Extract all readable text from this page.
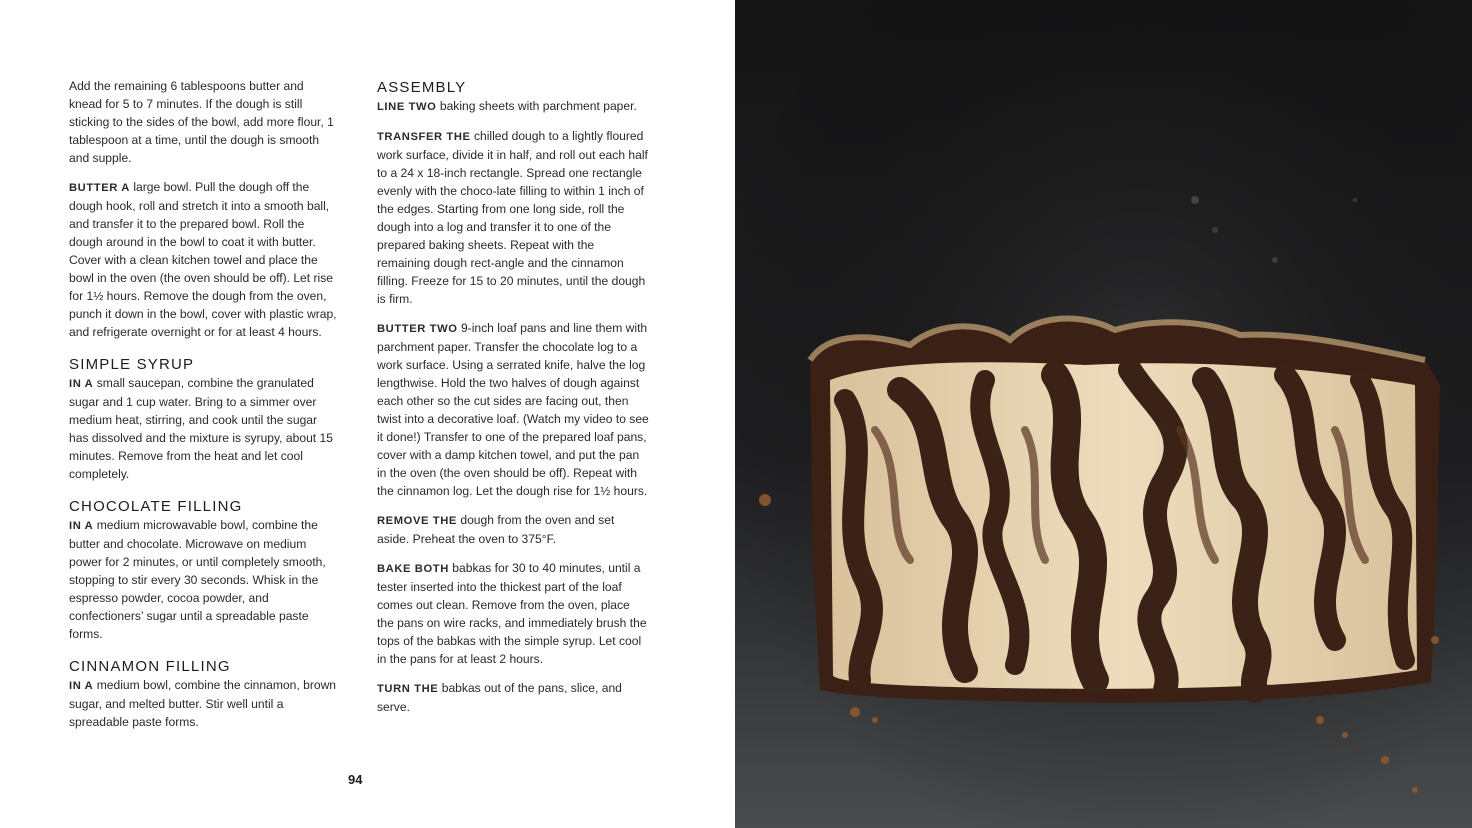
Add the remaining 6 tablespoons butter and knead for 5 to 7 minutes. If the dough is still sticking to the sides of the bowl, add more flour, 1 tablespoon at a time, until the dough is smooth and supple.

BUTTER A large bowl. Pull the dough off the dough hook, roll and stretch it into a smooth ball, and transfer it to the prepared bowl. Roll the dough around in the bowl to coat it with butter. Cover with a clean kitchen towel and place the bowl in the oven (the oven should be off). Let rise for 1½ hours. Remove the dough from the oven, punch it down in the bowl, cover with plastic wrap, and refrigerate overnight or for at least 4 hours.

SIMPLE SYRUP

IN A small saucepan, combine the granulated sugar and 1 cup water. Bring to a simmer over medium heat, stirring, and cook until the sugar has dissolved and the mixture is syrupy, about 15 minutes. Remove from the heat and let cool completely.

CHOCOLATE FILLING

IN A medium microwavable bowl, combine the butter and chocolate. Microwave on medium power for 2 minutes, or until completely smooth, stopping to stir every 30 seconds. Whisk in the espresso powder, cocoa powder, and confectioners’ sugar until a spreadable paste forms.

CINNAMON FILLING

IN A medium bowl, combine the cinnamon, brown sugar, and melted butter. Stir well until a spreadable paste forms.

ASSEMBLY

LINE TWO baking sheets with parchment paper.

TRANSFER THE chilled dough to a lightly floured work surface, divide it in half, and roll out each half to a 24 x 18-inch rectangle. Spread one rectangle evenly with the choco-late filling to within 1 inch of the edges. Starting from one long side, roll the dough into a log and transfer it to one of the prepared baking sheets. Repeat with the remaining dough rect-angle and the cinnamon filling. Freeze for 15 to 20 minutes, until the dough is firm.

BUTTER TWO 9-inch loaf pans and line them with parchment paper. Transfer the chocolate log to a work surface. Using a serrated knife, halve the log lengthwise. Hold the two halves of dough against each other so the cut sides are facing out, then twist into a decorative loaf. (Watch my video to see it done!) Transfer to one of the prepared loaf pans, cover with a damp kitchen towel, and put the pan in the oven (the oven should be off). Repeat with the cinnamon log. Let the dough rise for 1½ hours.

REMOVE THE dough from the oven and set aside. Preheat the oven to 375°F.

BAKE BOTH babkas for 30 to 40 minutes, until a tester inserted into the thickest part of the loaf comes out clean. Remove from the oven, place the pans on wire racks, and immediately brush the tops of the babkas with the simple syrup. Let cool in the pans for at least 2 hours.

TURN THE babkas out of the pans, slice, and serve.

94
